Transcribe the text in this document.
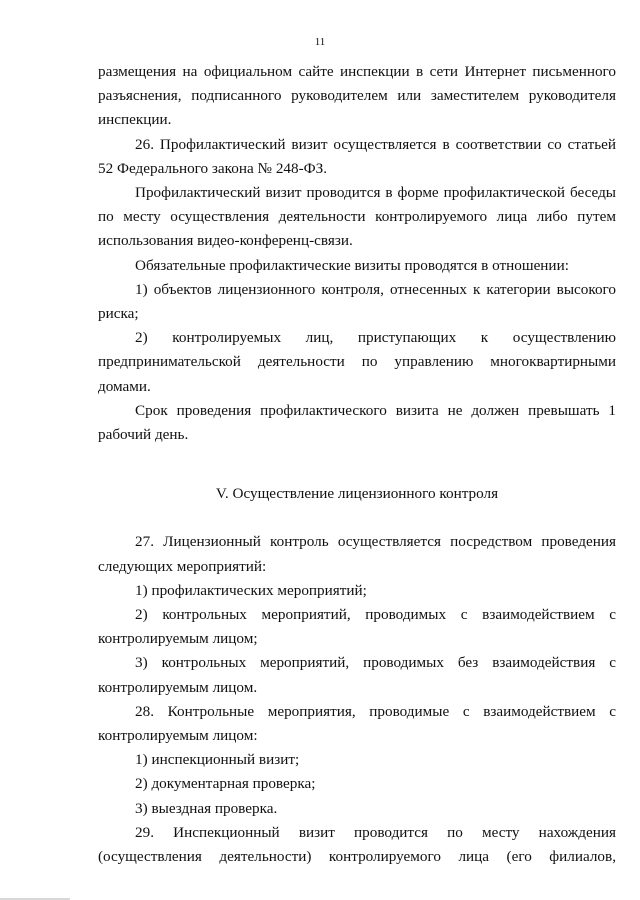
11

размещения на официальном сайте инспекции в сети Интернет письменного разъяснения, подписанного руководителем или заместителем руководителя инспекции.

26. Профилактический визит осуществляется в соответствии со статьей 52 Федерального закона № 248-ФЗ.

Профилактический визит проводится в форме профилактической беседы по месту осуществления деятельности контролируемого лица либо путем использования видео-конференц-связи.

Обязательные профилактические визиты проводятся в отношении:

1) объектов лицензионного контроля, отнесенных к категории высокого риска;

2) контролируемых лиц, приступающих к осуществлению предпринимательской деятельности по управлению многоквартирными домами.

Срок проведения профилактического визита не должен превышать 1 рабочий день.

V. Осуществление лицензионного контроля

27. Лицензионный контроль осуществляется посредством проведения следующих мероприятий:

1) профилактических мероприятий;

2) контрольных мероприятий, проводимых с взаимодействием с контролируемым лицом;

3) контрольных мероприятий, проводимых без взаимодействия с контролируемым лицом.

28. Контрольные мероприятия, проводимые с взаимодействием с контролируемым лицом:

1) инспекционный визит;

2) документарная проверка;

3) выездная проверка.

29. Инспекционный визит проводится по месту нахождения (осуществления деятельности) контролируемого лица (его филиалов,
